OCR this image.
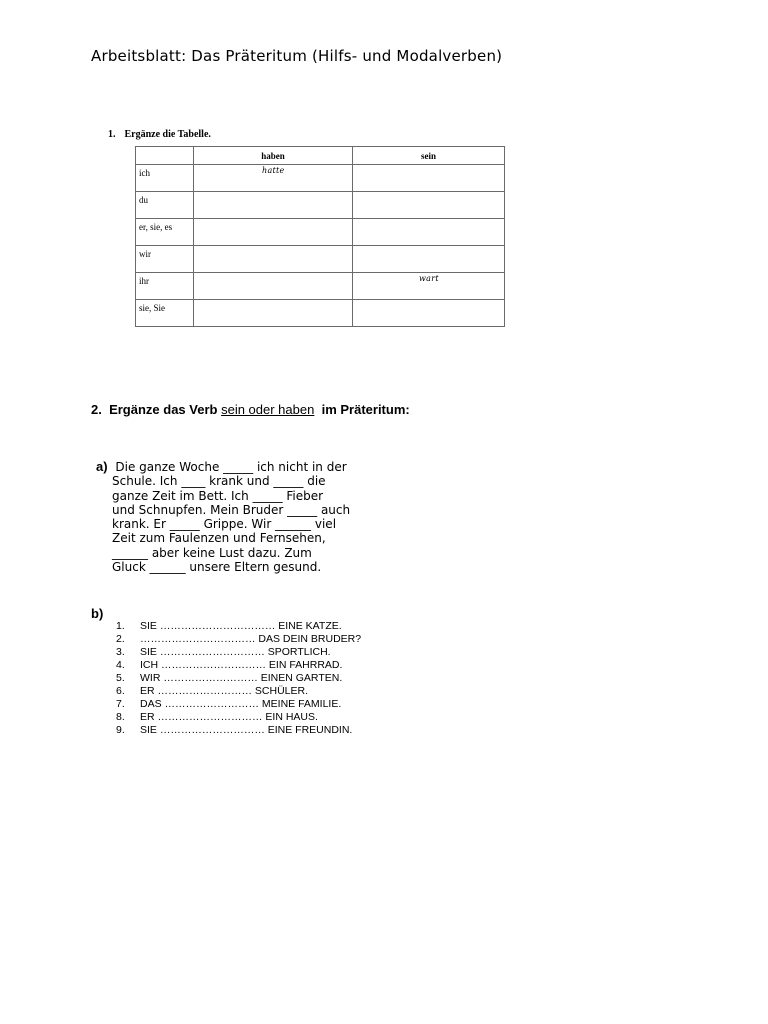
Arbeitsblatt: Das Präteritum (Hilfs- und Modalverben)
1. Ergänze die Tabelle.
	haben	sein
ich	hatte	

du	

er, sie, es	

wir	

ihr		wart

sie, Sie	

2. Ergänze das Verb sein oder haben im Präteritum:
a) Die ganze Woche _____ ich nicht in der
Schule. Ich ____ krank und _____ die
ganze Zeit im Bett. Ich _____ Fieber
und Schnupfen. Mein Bruder _____ auch
krank. Er _____ Grippe. Wir ______ viel
Zeit zum Faulenzen und Fernsehen,
______ aber keine Lust dazu. Zum
Gluck ______ unsere Eltern gesund.
b)
1. SIE …………………………… EINE KATZE.
2. …………………………… DAS DEIN BRUDER?
3. SIE ………………………… SPORTLICH.
4. ICH ………………………… EIN FAHRRAD.
5. WIR ……………………… EINEN GARTEN.
6. ER ……………………… SCHÜLER.
7. DAS ……………………… MEINE FAMILIE.
8. ER ………………………… EIN HAUS.
9. SIE ………………………… EINE FREUNDIN.
